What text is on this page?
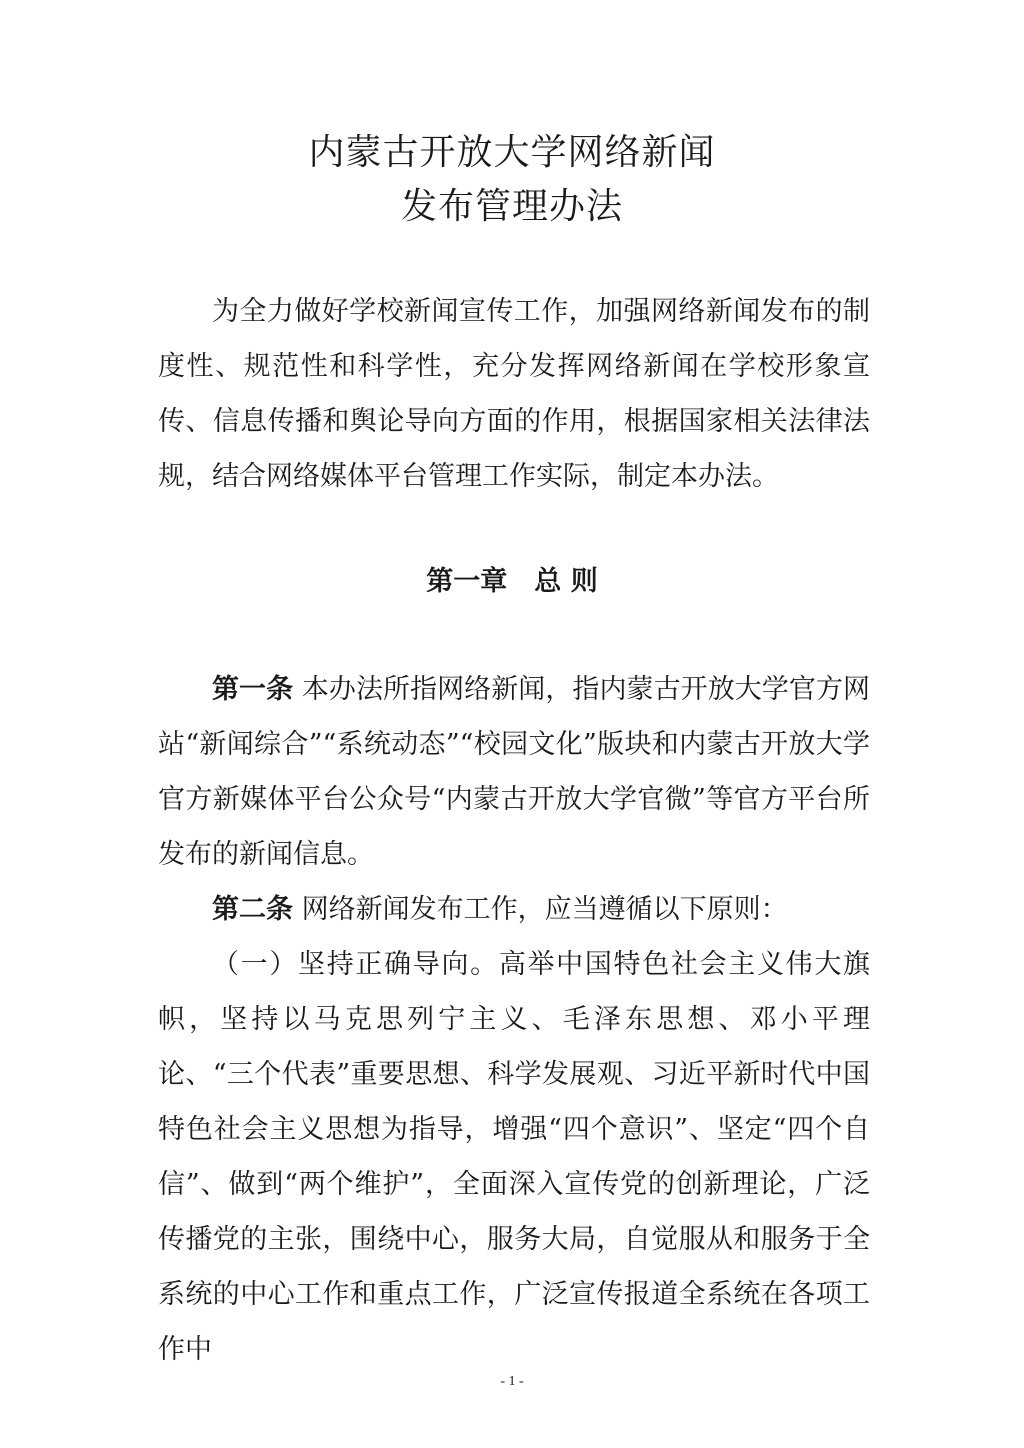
内蒙古开放大学网络新闻
发布管理办法

为全力做好学校新闻宣传工作，加强网络新闻发布的制度性、规范性和科学性，充分发挥网络新闻在学校形象宣传、信息传播和舆论导向方面的作用，根据国家相关法律法规，结合网络媒体平台管理工作实际，制定本办法。

第一章　总 则

第一条 本办法所指网络新闻，指内蒙古开放大学官方网站“新闻综合”“系统动态”“校园文化”版块和内蒙古开放大学官方新媒体平台公众号“内蒙古开放大学官微”等官方平台所发布的新闻信息。

第二条 网络新闻发布工作，应当遵循以下原则：

（一）坚持正确导向。高举中国特色社会主义伟大旗帜，坚持以马克思列宁主义、毛泽东思想、邓小平理论、“三个代表”重要思想、科学发展观、习近平新时代中国特色社会主义思想为指导，增强“四个意识”、坚定“四个自信”、做到“两个维护”，全面深入宣传党的创新理论，广泛传播党的主张，围绕中心，服务大局，自觉服从和服务于全系统的中心工作和重点工作，广泛宣传报道全系统在各项工作中

- 1 -
